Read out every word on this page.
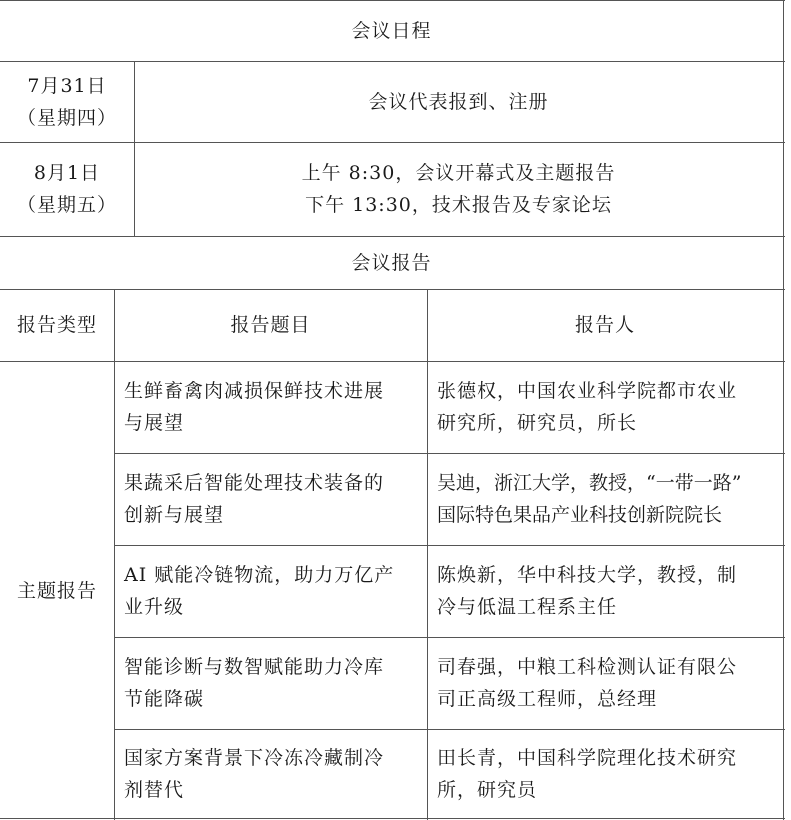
会议日程
7月31日
（星期四）
会议代表报到、注册
8月1日
（星期五）
上午 8:30，会议开幕式及主题报告
下午 13:30，技术报告及专家论坛
会议报告
报告类型	报告题目	报告人
主题报告
生鲜畜禽肉减损保鲜技术进展
与展望
张德权，中国农业科学院都市农业
研究所，研究员，所长
果蔬采后智能处理技术装备的
创新与展望
吴迪，浙江大学，教授，“一带一路”
国际特色果品产业科技创新院院长
AI 赋能冷链物流，助力万亿产
业升级
陈焕新，华中科技大学，教授，制
冷与低温工程系主任
智能诊断与数智赋能助力冷库
节能降碳
司春强，中粮工科检测认证有限公
司正高级工程师，总经理
国家方案背景下冷冻冷藏制冷
剂替代
田长青，中国科学院理化技术研究
所，研究员
